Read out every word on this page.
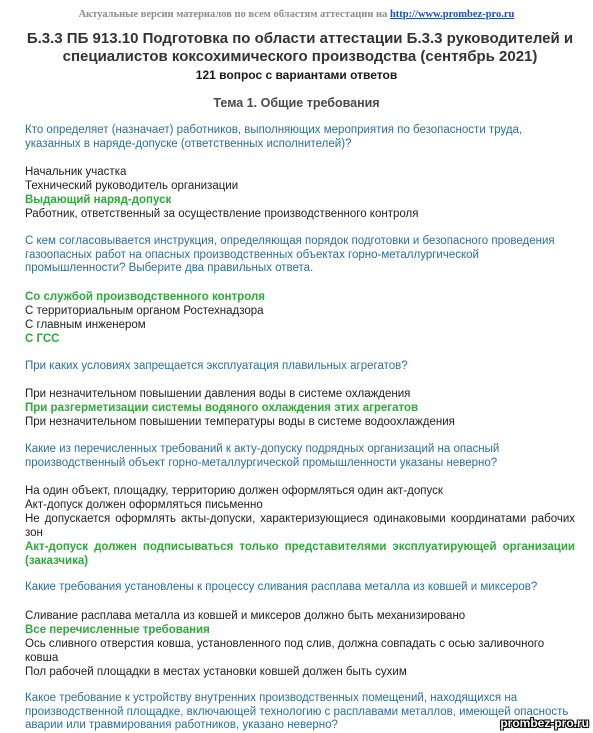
Актуальные версии материалов по всем областям аттестации на http://www.prombez-pro.ru
Б.3.3 ПБ 913.10 Подготовка по области аттестации Б.3.3 руководителей и специалистов коксохимического производства (сентябрь 2021)
121 вопрос с вариантами ответов
Тема 1. Общие требования
Кто определяет (назначает) работников, выполняющих мероприятия по безопасности труда, указанных в наряде-допуске (ответственных исполнителей)?
Начальник участка
Технический руководитель организации
Выдающий наряд-допуск
Работник, ответственный за осуществление производственного контроля
С кем согласовывается инструкция, определяющая порядок подготовки и безопасного проведения газоопасных работ на опасных производственных объектах горно-металлургической промышленности? Выберите два правильных ответа.
Со службой производственного контроля
С территориальным органом Ростехнадзора
С главным инженером
С ГСС
При каких условиях запрещается эксплуатация плавильных агрегатов?
При незначительном повышении давления воды в системе охлаждения
При разгерметизации системы водяного охлаждения этих агрегатов
При незначительном повышении температуры воды в системе водоохлаждения
Какие из перечисленных требований к акту-допуску подрядных организаций на опасный производственный объект горно-металлургической промышленности указаны неверно?
На один объект, площадку, территорию должен оформляться один акт-допуск
Акт-допуск должен оформляться письменно
Не допускается оформлять акты-допуски, характеризующиеся одинаковыми координатами рабочих зон
Акт-допуск должен подписываться только представителями эксплуатирующей организации (заказчика)
Какие требования установлены к процессу сливания расплава металла из ковшей и миксеров?
Сливание расплава металла из ковшей и миксеров должно быть механизировано
Все перечисленные требования
Ось сливного отверстия ковша, установленного под слив, должна совпадать с осью заливочного ковша
Пол рабочей площадки в местах установки ковшей должен быть сухим
Какое требование к устройству внутренних производственных помещений, находящихся на производственной площадке, включающей технологию с расплавами металлов, имеющей опасность аварии или травмирования работников, указано неверно?	prombez-pro.ru
